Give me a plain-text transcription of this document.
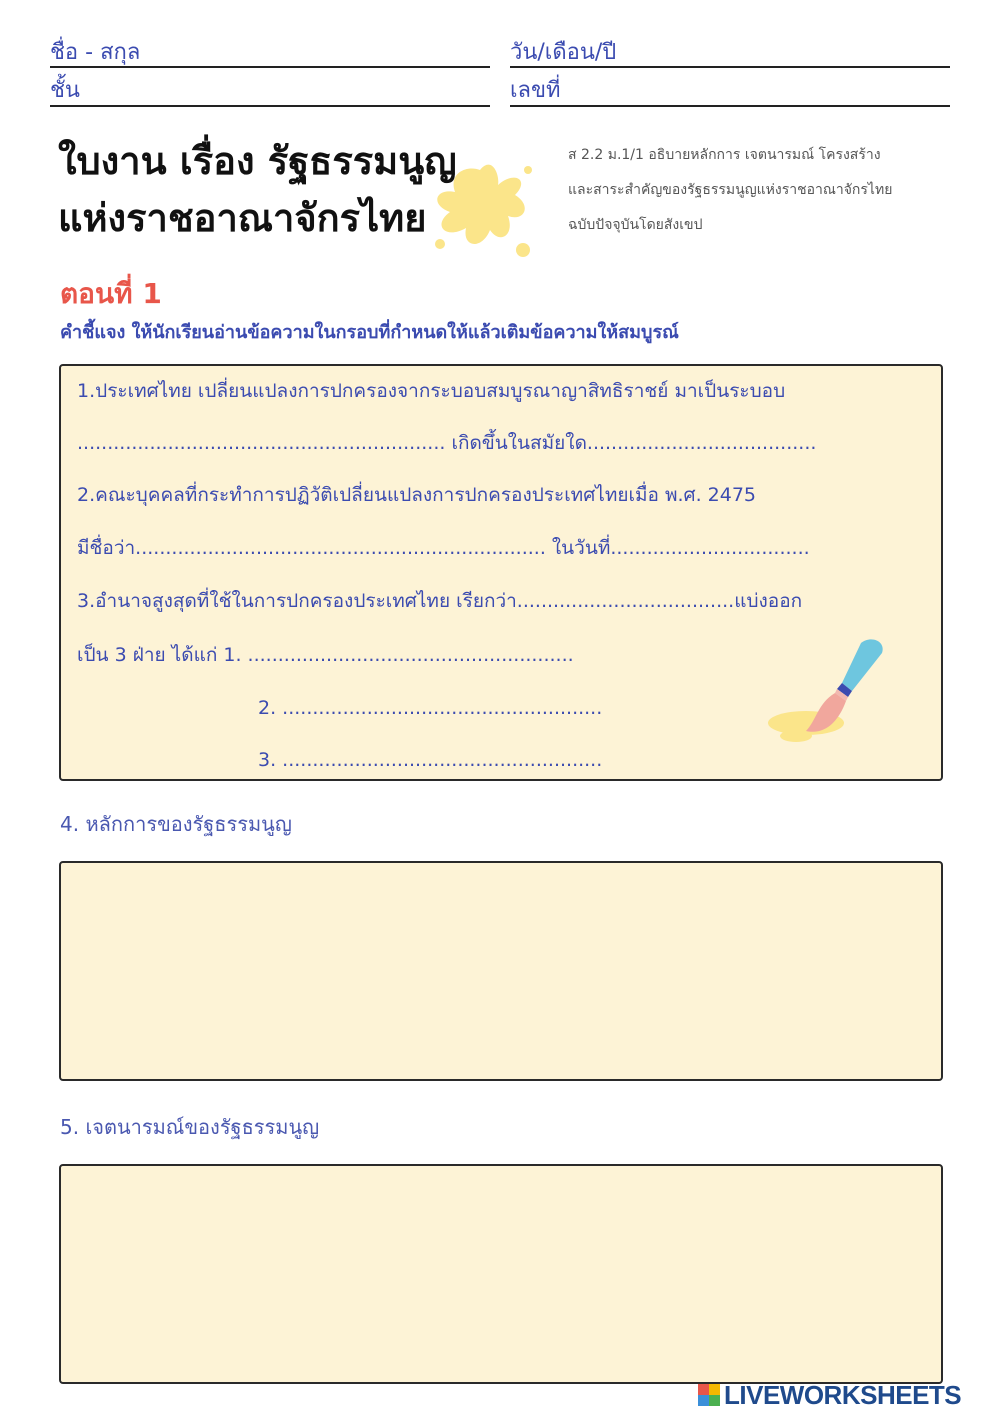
ชื่อ - สกุล	วัน/เดือน/ปี
ชั้น	เลขที่
ใบงาน เรื่อง รัฐธรรมนูญ
แห่งราชอาณาจักรไทย
ส 2.2 ม.1/1 อธิบายหลักการ เจตนารมณ์ โครงสร้าง
และสาระสำคัญของรัฐธรรมนูญแห่งราชอาณาจักรไทย
ฉบับปัจจุบันโดยสังเขป
ตอนที่ 1
คำชี้แจง ให้นักเรียนอ่านข้อความในกรอบที่กำหนดให้แล้วเติมข้อความให้สมบูรณ์
1.ประเทศไทย เปลี่ยนแปลงการปกครองจากระบอบสมบูรณาญาสิทธิราชย์ มาเป็นระบอบ
............................................................. เกิดขึ้นในสมัยใด......................................
2.คณะบุคคลที่กระทำการปฏิวัติเปลี่ยนแปลงการปกครองประเทศไทยเมื่อ พ.ศ. 2475
มีชื่อว่า.................................................................... ในวันที่.................................
3.อำนาจสูงสุดที่ใช้ในการปกครองประเทศไทย เรียกว่า....................................แบ่งออก
เป็น 3 ฝ่าย ได้แก่ 1. ......................................................
2. .....................................................
3. .....................................................
4. หลักการของรัฐธรรมนูญ
5. เจตนารมณ์ของรัฐธรรมนูญ
LIVEWORKSHEETS
